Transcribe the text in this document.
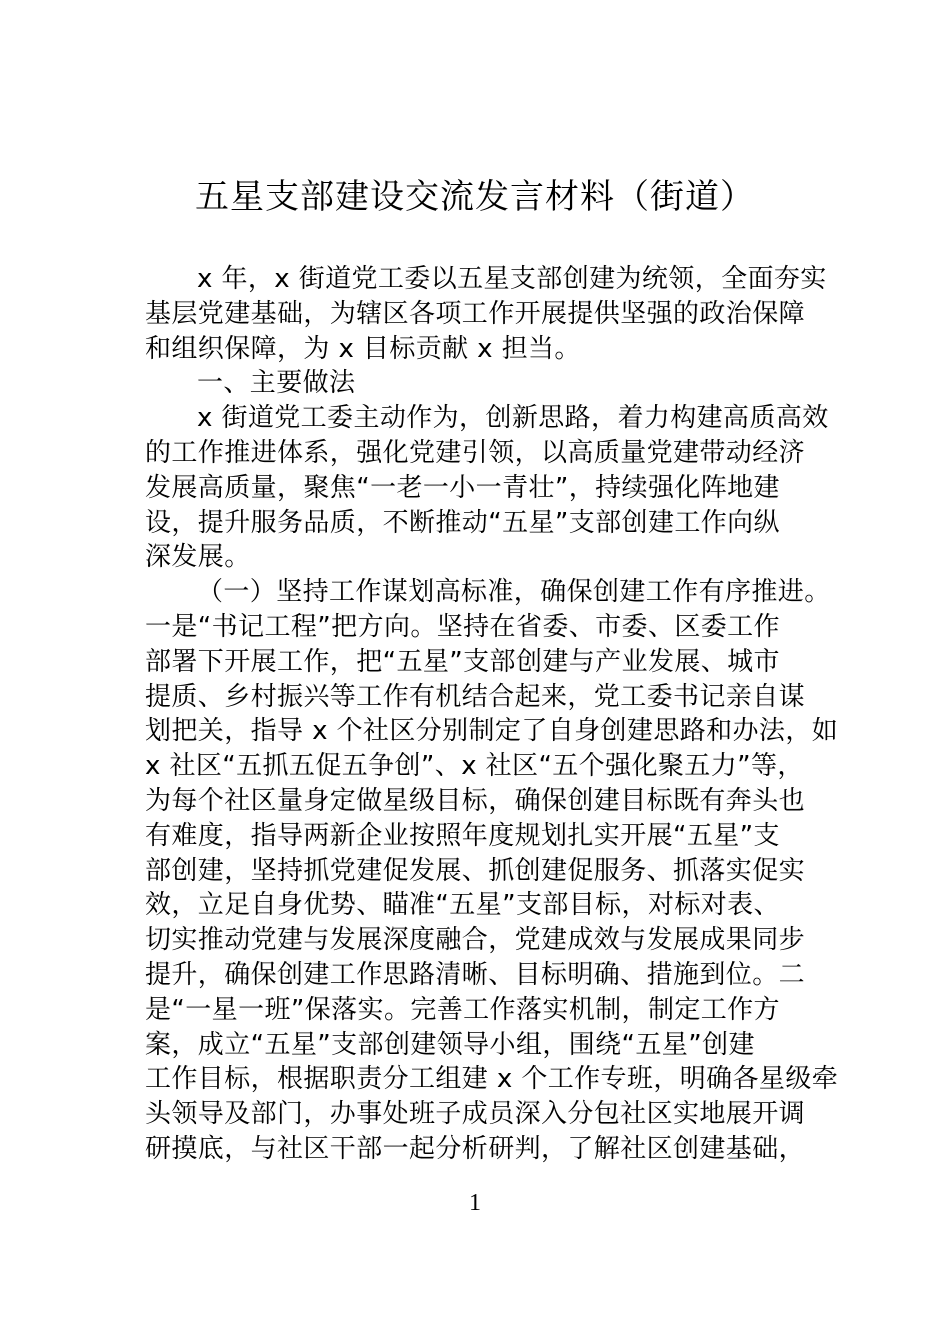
五星支部建设交流发言材料（街道）
x 年，x 街道党工委以五星支部创建为统领，全面夯实
基层党建基础，为辖区各项工作开展提供坚强的政治保障
和组织保障，为 x 目标贡献 x 担当。
一、主要做法
x 街道党工委主动作为，创新思路，着力构建高质高效
的工作推进体系，强化党建引领，以高质量党建带动经济
发展高质量，聚焦“一老一小一青壮”，持续强化阵地建
设，提升服务品质，不断推动“五星”支部创建工作向纵
深发展。
（一）坚持工作谋划高标准，确保创建工作有序推进。
一是“书记工程”把方向。坚持在省委、市委、区委工作
部署下开展工作，把“五星”支部创建与产业发展、城市
提质、乡村振兴等工作有机结合起来，党工委书记亲自谋
划把关，指导 x 个社区分别制定了自身创建思路和办法，如
x 社区“五抓五促五争创”、x 社区“五个强化聚五力”等，
为每个社区量身定做星级目标，确保创建目标既有奔头也
有难度，指导两新企业按照年度规划扎实开展“五星”支
部创建，坚持抓党建促发展、抓创建促服务、抓落实促实
效，立足自身优势、瞄准“五星”支部目标，对标对表、
切实推动党建与发展深度融合，党建成效与发展成果同步
提升，确保创建工作思路清晰、目标明确、措施到位。二
是“一星一班”保落实。完善工作落实机制，制定工作方
案，成立“五星”支部创建领导小组，围绕“五星”创建
工作目标，根据职责分工组建 x 个工作专班，明确各星级牵
头领导及部门，办事处班子成员深入分包社区实地展开调
研摸底，与社区干部一起分析研判，了解社区创建基础，
1
